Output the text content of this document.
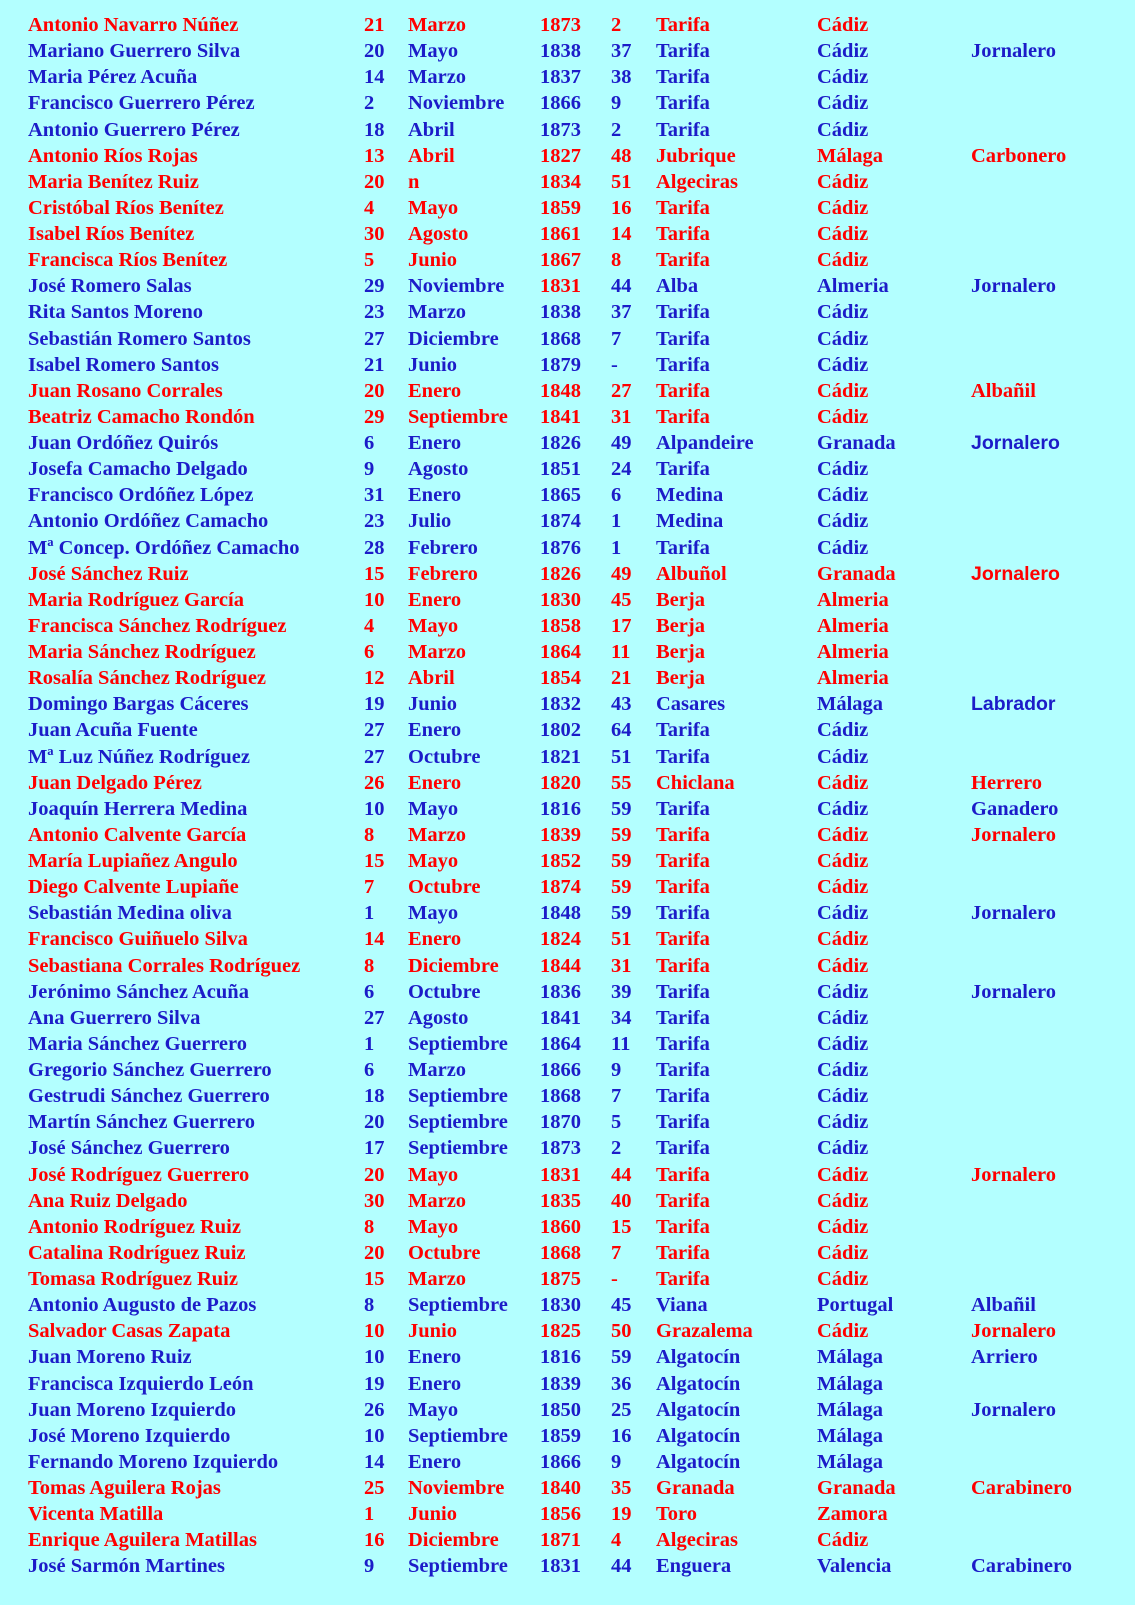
Antonio Navarro Núñez	21 Marzo	1873 2 Tarifa	Cádiz
Mariano Guerrero Silva	20 Mayo	1838 37 Tarifa	Cádiz	Jornalero
Maria Pérez Acuña	14 Marzo	1837 38 Tarifa	Cádiz
Francisco Guerrero Pérez	2 Noviembre 1866 9 Tarifa	Cádiz
Antonio Guerrero Pérez	18 Abril	1873 2 Tarifa	Cádiz
Antonio Ríos Rojas	13 Abril	1827 48 Jubrique	Málaga	Carbonero
Maria Benítez Ruiz	20 n	1834 51 Algeciras	Cádiz
Cristóbal Ríos Benítez	4 Mayo	1859 16 Tarifa	Cádiz
Isabel Ríos Benítez	30 Agosto	1861 14 Tarifa	Cádiz
Francisca Ríos Benítez	5 Junio	1867 8 Tarifa	Cádiz
José Romero Salas	29 Noviembre 1831 44 Alba	Almeria	Jornalero
Rita Santos Moreno	23 Marzo	1838 37 Tarifa	Cádiz
Sebastián Romero Santos	27 Diciembre 1868 7 Tarifa	Cádiz
Isabel Romero Santos	21 Junio	1879 - Tarifa	Cádiz
Juan Rosano Corrales	20 Enero	1848 27 Tarifa	Cádiz	Albañil
Beatriz Camacho Rondón	29 Septiembre 1841 31 Tarifa	Cádiz
Juan Ordóñez Quirós	6 Enero	1826 49 Alpandeire	Granada	Jornalero
Josefa Camacho Delgado	9 Agosto	1851 24 Tarifa	Cádiz
Francisco Ordóñez López	31 Enero	1865 6 Medina	Cádiz
Antonio Ordóñez Camacho	23 Julio	1874 1 Medina	Cádiz
Mª Concep. Ordóñez Camacho	28 Febrero	1876 1 Tarifa	Cádiz
José Sánchez Ruiz	15 Febrero	1826 49 Albuñol	Granada	Jornalero
Maria Rodríguez García	10 Enero	1830 45 Berja	Almeria
Francisca Sánchez Rodríguez	4 Mayo	1858 17 Berja	Almeria
Maria Sánchez Rodríguez	6 Marzo	1864 11 Berja	Almeria
Rosalía Sánchez Rodríguez	12 Abril	1854 21 Berja	Almeria
Domingo Bargas Cáceres	19 Junio	1832 43 Casares	Málaga	Labrador
Juan Acuña Fuente	27 Enero	1802 64 Tarifa	Cádiz
Mª Luz Núñez Rodríguez	27 Octubre	1821 51 Tarifa	Cádiz
Juan Delgado Pérez	26 Enero	1820 55 Chiclana	Cádiz	Herrero
Joaquín Herrera Medina	10 Mayo	1816 59 Tarifa	Cádiz	Ganadero
Antonio Calvente García	8 Marzo	1839 59 Tarifa	Cádiz	Jornalero
María Lupiañez Angulo	15 Mayo	1852 59 Tarifa	Cádiz
Diego Calvente Lupiañe	7 Octubre	1874 59 Tarifa	Cádiz
Sebastián Medina oliva	1 Mayo	1848 59 Tarifa	Cádiz	Jornalero
Francisco Guiñuelo Silva	14 Enero	1824 51 Tarifa	Cádiz
Sebastiana Corrales Rodríguez	8 Diciembre 1844 31 Tarifa	Cádiz
Jerónimo Sánchez Acuña	6 Octubre	1836 39 Tarifa	Cádiz	Jornalero
Ana Guerrero Silva	27 Agosto	1841 34 Tarifa	Cádiz
Maria Sánchez Guerrero	1 Septiembre 1864 11 Tarifa	Cádiz
Gregorio Sánchez Guerrero	6 Marzo	1866 9 Tarifa	Cádiz
Gestrudi Sánchez Guerrero	18 Septiembre 1868 7 Tarifa	Cádiz
Martín Sánchez Guerrero	20 Septiembre 1870 5 Tarifa	Cádiz
José Sánchez Guerrero	17 Septiembre 1873 2 Tarifa	Cádiz
José Rodríguez Guerrero	20 Mayo	1831 44 Tarifa	Cádiz	Jornalero
Ana Ruiz Delgado	30 Marzo	1835 40 Tarifa	Cádiz
Antonio Rodríguez Ruiz	8 Mayo	1860 15 Tarifa	Cádiz
Catalina Rodríguez Ruiz	20 Octubre	1868 7 Tarifa	Cádiz
Tomasa Rodríguez Ruiz	15 Marzo	1875 - Tarifa	Cádiz
Antonio Augusto de Pazos	8 Septiembre 1830 45 Viana	Portugal	Albañil
Salvador Casas Zapata	10 Junio	1825 50 Grazalema	Cádiz	Jornalero
Juan Moreno Ruiz	10 Enero	1816 59 Algatocín	Málaga	Arriero
Francisca Izquierdo León	19 Enero	1839 36 Algatocín	Málaga
Juan Moreno Izquierdo	26 Mayo	1850 25 Algatocín	Málaga	Jornalero
José Moreno Izquierdo	10 Septiembre 1859 16 Algatocín	Málaga
Fernando Moreno Izquierdo	14 Enero	1866 9 Algatocín	Málaga
Tomas Aguilera Rojas	25 Noviembre 1840 35 Granada	Granada	Carabinero
Vicenta Matilla	1 Junio	1856 19 Toro	Zamora
Enrique Aguilera Matillas	16 Diciembre 1871 4 Algeciras	Cádiz
José Sarmón Martines	9 Septiembre 1831 44 Enguera	Valencia	Carabinero
